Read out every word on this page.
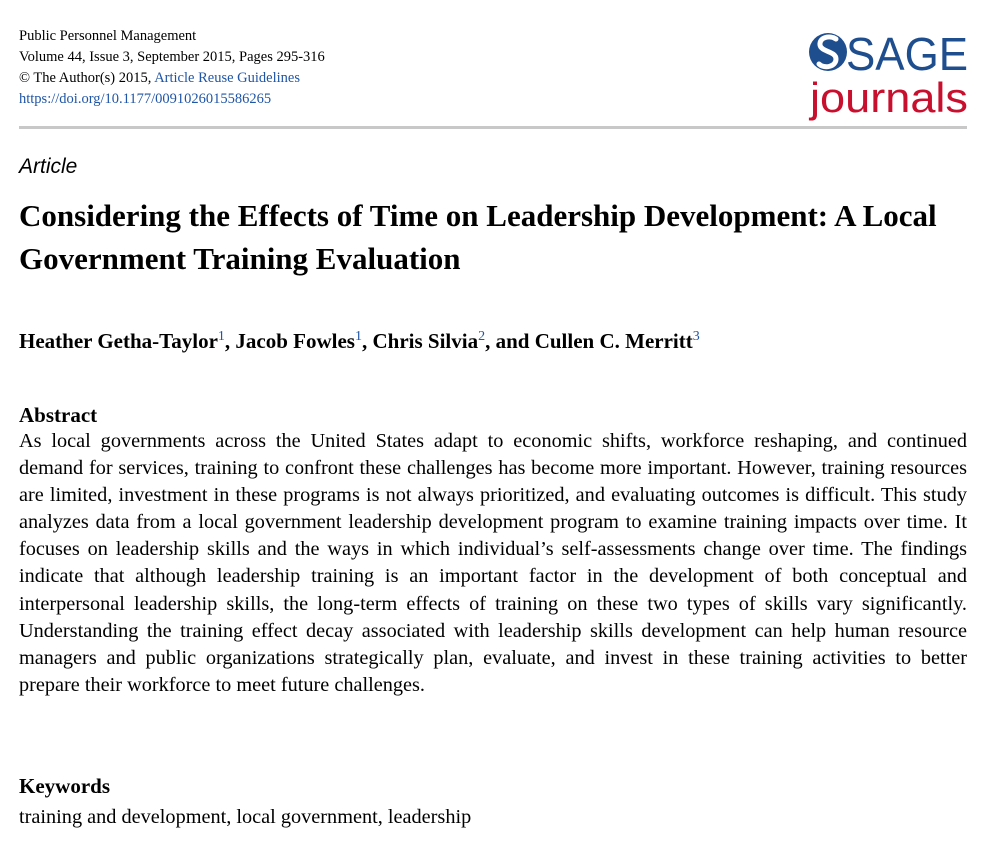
Public Personnel Management
Volume 44, Issue 3, September 2015, Pages 295-316
© The Author(s) 2015, Article Reuse Guidelines
https://doi.org/10.1177/0091026015586265
SAGE
journals
Article
Considering the Effects of Time on Leadership Development: A Local Government Training Evaluation
Heather Getha-Taylor$^1$, Jacob Fowles$^1$, Chris Silvia$^2$, and Cullen C. Merritt$^3$
Abstract

As local governments across the United States adapt to economic shifts, workforce reshaping, and continued demand for services, training to confront these challenges has become more important. However, training resources are limited, investment in these programs is not always prioritized, and evaluating outcomes is difficult. This study analyzes data from a local government leadership development program to examine training impacts over time. It focuses on leadership skills and the ways in which individual’s self-assessments change over time. The findings indicate that although leadership training is an important factor in the development of both conceptual and interpersonal leadership skills, the long-term effects of training on these two types of skills vary significantly. Understanding the training effect decay associated with leadership skills development can help human resource managers and public organizations strategically plan, evaluate, and invest in these training activities to better prepare their workforce to meet future challenges.

Keywords
training and development, local government, leadership
